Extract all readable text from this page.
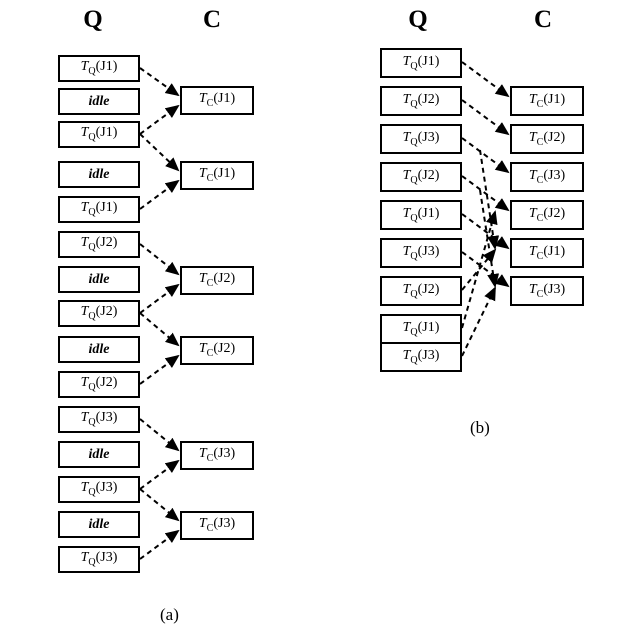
Q	C
$T_Q(J1)$
idle
$T_Q(J1)$
idle
$T_Q(J1)$
$T_Q(J2)$
idle
$T_Q(J2)$
idle
$T_Q(J2)$
$T_Q(J3)$
idle
$T_Q(J3)$
idle
$T_Q(J3)$
$T_C(J1)$
$T_C(J1)$
$T_C(J2)$
$T_C(J2)$
$T_C(J3)$
$T_C(J3)$
(a)
Q	C
$T_Q(J1)$
$T_Q(J2)$
$T_Q(J3)$
$T_Q(J2)$
$T_Q(J1)$
$T_Q(J3)$
$T_Q(J2)$
$T_Q(J1)$
$T_Q(J3)$
$T_C(J1)$
$T_C(J2)$
$T_C(J3)$
$T_C(J2)$
$T_C(J1)$
$T_C(J3)$
(b)
